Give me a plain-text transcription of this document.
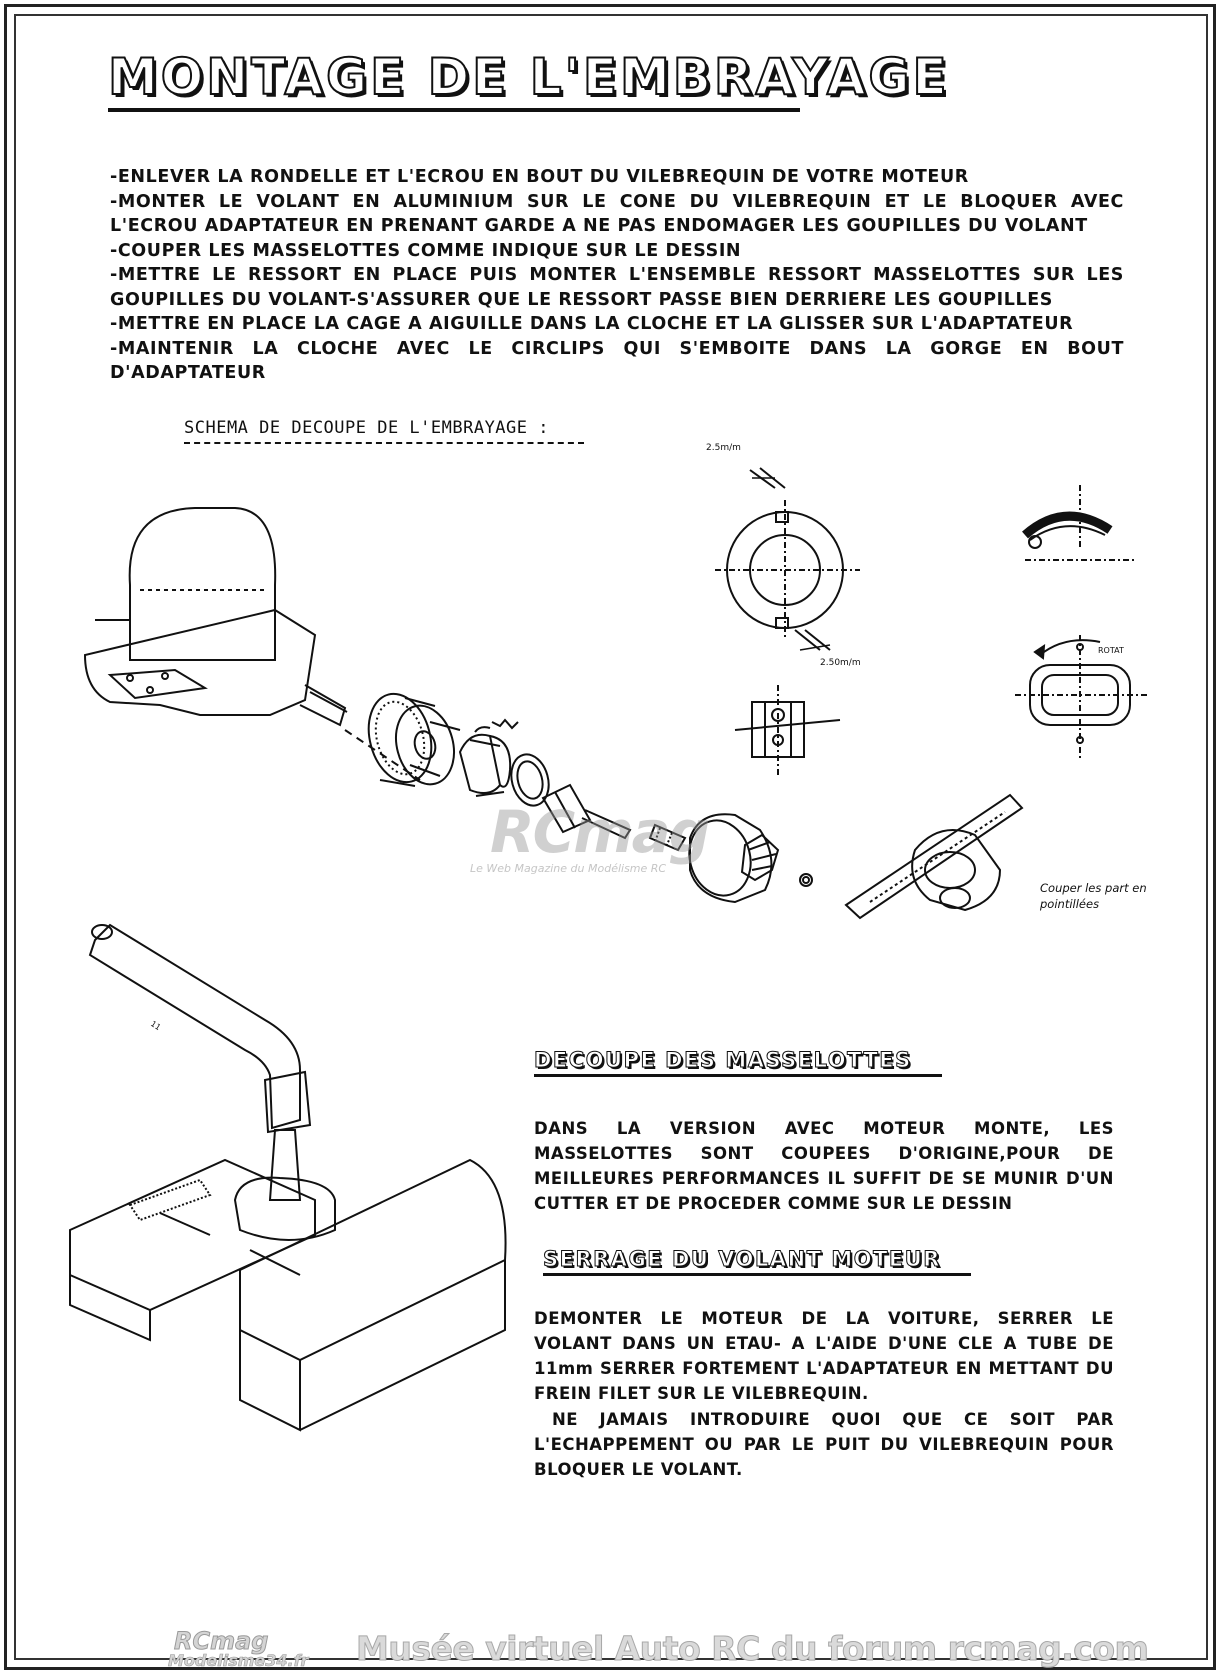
MONTAGE DE L'EMBRAYAGE
-ENLEVER LA RONDELLE ET L'ECROU EN BOUT DU VILEBREQUIN DE VOTRE MOTEUR
-MONTER LE VOLANT EN ALUMINIUM SUR LE CONE DU VILEBREQUIN ET LE BLOQUER AVEC L'ECROU ADAPTATEUR EN PRENANT GARDE A NE PAS ENDOMAGER LES GOUPILLES DU VOLANT
-COUPER LES MASSELOTTES COMME INDIQUE SUR LE DESSIN
-METTRE LE RESSORT EN PLACE PUIS MONTER L'ENSEMBLE RESSORT MASSELOTTES SUR LES GOUPILLES DU VOLANT-S'ASSURER QUE LE RESSORT PASSE BIEN DERRIERE LES GOUPILLES
-METTRE EN PLACE LA CAGE A AIGUILLE DANS LA CLOCHE ET LA GLISSER SUR L'ADAPTATEUR
-MAINTENIR LA CLOCHE AVEC LE CIRCLIPS QUI S'EMBOITE DANS LA GORGE EN BOUT D'ADAPTATEUR
SCHEMA DE DECOUPE DE L'EMBRAYAGE :
2.5m/m
2.50m/m
ROTAT
11
RCmag
Le Web Magazine du Modélisme RC

Couper les part en pointillées

DECOUPE DES MASSELOTTES

DANS LA VERSION AVEC MOTEUR MONTE, LES MASSELOTTES SONT COUPEES D'ORIGINE,POUR DE MEILLEURES PERFORMANCES IL SUFFIT DE SE MUNIR D'UN CUTTER ET DE PROCEDER COMME SUR LE DESSIN

SERRAGE DU VOLANT MOTEUR

DEMONTER LE MOTEUR DE LA VOITURE, SERRER LE VOLANT DANS UN ETAU- A L'AIDE D'UNE CLE A TUBE DE 11mm SERRER FORTEMENT L'ADAPTATEUR EN METTANT DU FREIN FILET SUR LE VILEBREQUIN.

NE JAMAIS INTRODUIRE QUOI QUE CE SOIT PAR L'ECHAPPEMENT OU PAR LE PUIT DU VILEBREQUIN POUR BLOQUER LE VOLANT.

RCmag
Modelisme34.fr Musée virtuel Auto RC du forum rcmag.com
